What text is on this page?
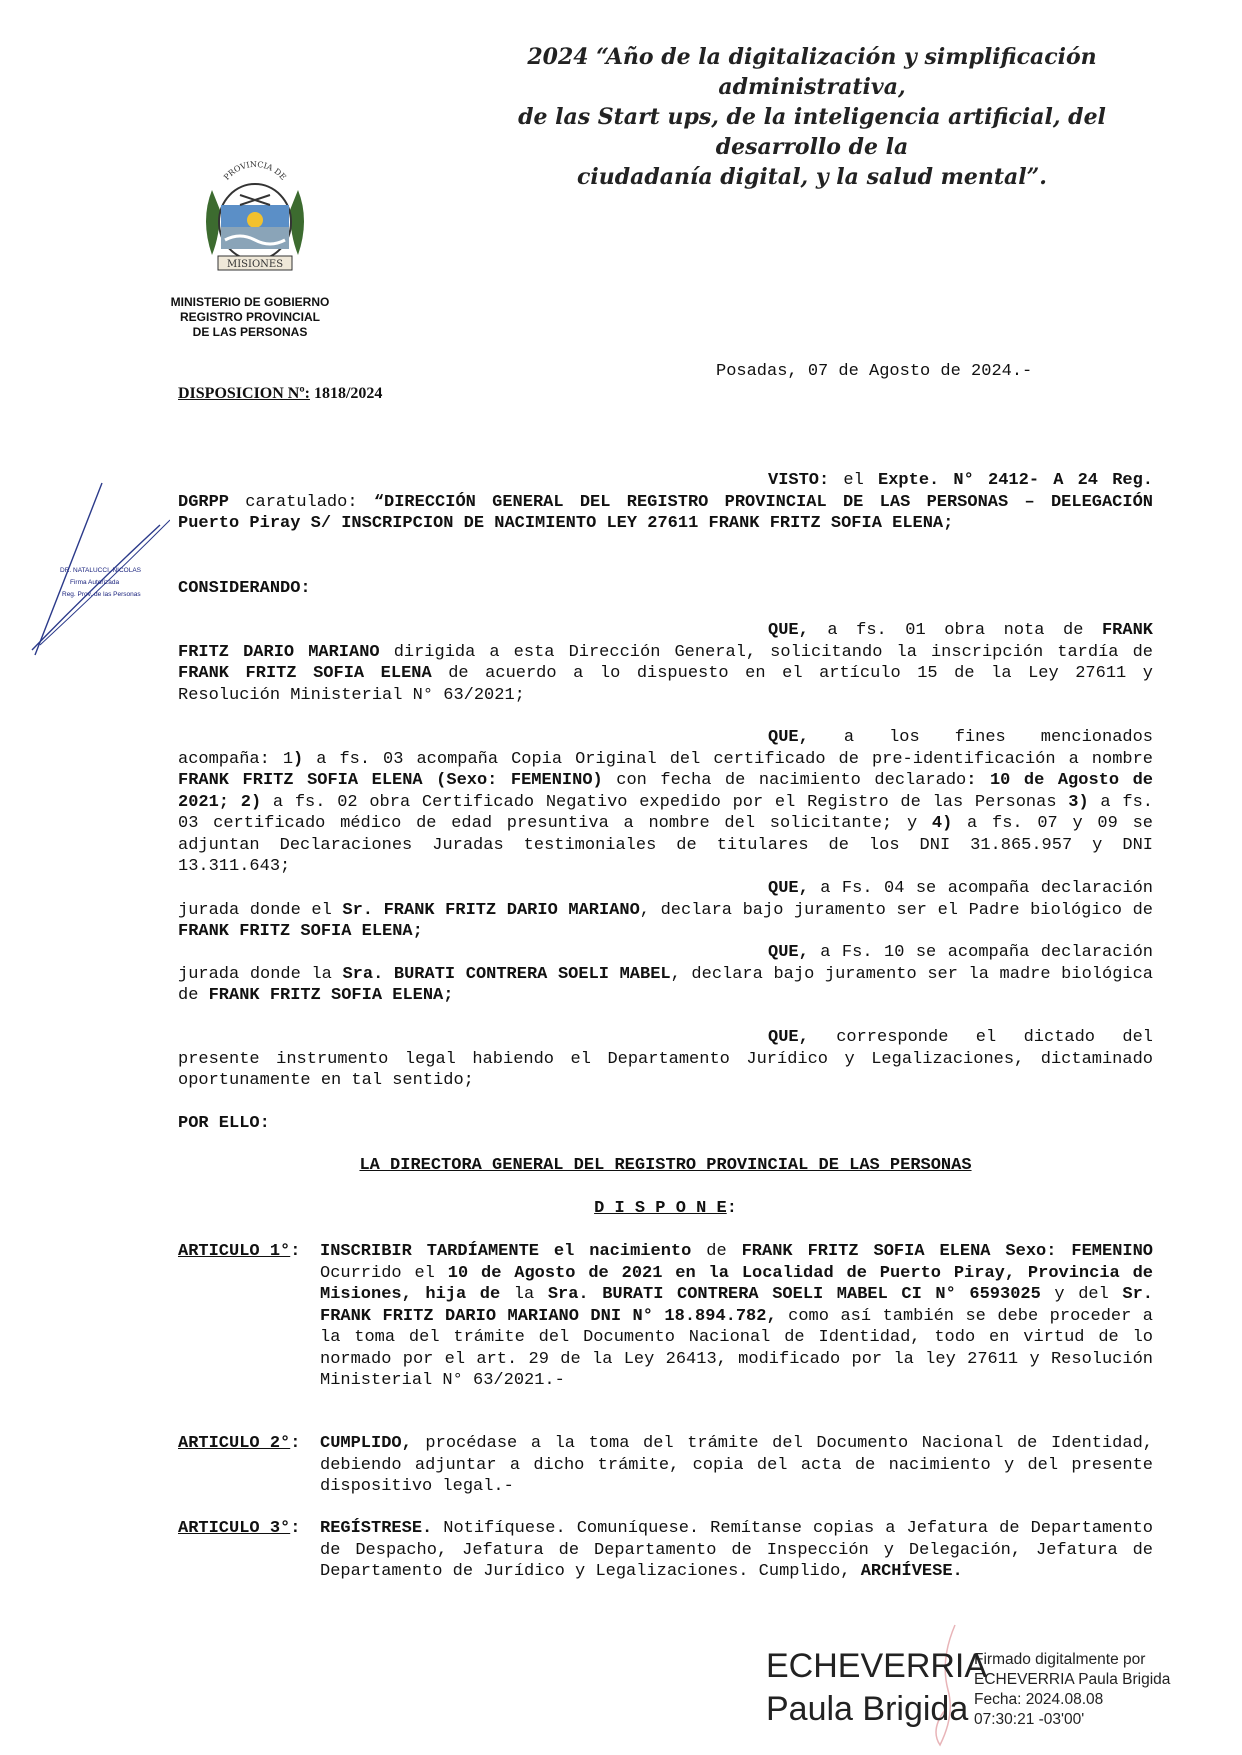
2024 “Año de la digitalización y simplificación administrativa,
de las Start ups, de la inteligencia artificial, del desarrollo de la
ciudadanía digital, y la salud mental”.
MISIONES
PROVINCIA DE
MINISTERIO DE GOBIERNO
REGISTRO PROVINCIAL
DE LAS PERSONAS
Posadas, 07 de Agosto de 2024.-
DISPOSICION Nº: 1818/2024
DR. NATALUCCI, NICOLAS
Firma Autorizada
Reg. Prov. de las Personas
VISTO: el Expte. N° 2412- A 24 Reg. DGRPP caratulado: “DIRECCIÓN GENERAL DEL REGISTRO PROVINCIAL DE LAS PERSONAS – DELEGACIÓN Puerto Piray S/ INSCRIPCION DE NACIMIENTO LEY 27611 FRANK FRITZ SOFIA ELENA;
CONSIDERANDO:
QUE, a fs. 01 obra nota de FRANK FRITZ DARIO MARIANO dirigida a esta Dirección General, solicitando la inscripción tardía de FRANK FRITZ SOFIA ELENA de acuerdo a lo dispuesto en el artículo 15 de la Ley 27611 y Resolución Ministerial N° 63/2021;
QUE, a los fines mencionados acompaña: 1) a fs. 03 acompaña Copia Original del certificado de pre-identificación a nombre FRANK FRITZ SOFIA ELENA (Sexo: FEMENINO) con fecha de nacimiento declarado: 10 de Agosto de 2021; 2) a fs. 02 obra Certificado Negativo expedido por el Registro de las Personas 3) a fs. 03 certificado médico de edad presuntiva a nombre del solicitante; y 4) a fs. 07 y 09 se adjuntan Declaraciones Juradas testimoniales de titulares de los DNI 31.865.957 y DNI 13.311.643;
QUE, a Fs. 04 se acompaña declaración jurada donde el Sr. FRANK FRITZ DARIO MARIANO, declara bajo juramento ser el Padre biológico de FRANK FRITZ SOFIA ELENA;
QUE, a Fs. 10 se acompaña declaración jurada donde la Sra. BURATI CONTRERA SOELI MABEL, declara bajo juramento ser la madre biológica de FRANK FRITZ SOFIA ELENA;
QUE, corresponde el dictado del presente instrumento legal habiendo el Departamento Jurídico y Legalizaciones, dictaminado oportunamente en tal sentido;
POR ELLO:
LA DIRECTORA GENERAL DEL REGISTRO PROVINCIAL DE LAS PERSONAS
D I S P O N E:
ARTICULO 1°:	INSCRIBIR TARDÍAMENTE el nacimiento de FRANK FRITZ SOFIA ELENA Sexo: FEMENINO Ocurrido el 10 de Agosto de 2021 en la Localidad de Puerto Piray, Provincia de Misiones, hija de la Sra. BURATI CONTRERA SOELI MABEL CI N° 6593025 y del Sr. FRANK FRITZ DARIO MARIANO DNI N° 18.894.782, como así también se debe proceder a la toma del trámite del Documento Nacional de Identidad, todo en virtud de lo normado por el art. 29 de la Ley 26413, modificado por la ley 27611 y Resolución Ministerial N° 63/2021.-
ARTICULO 2°:	CUMPLIDO, procédase a la toma del trámite del Documento Nacional de Identidad, debiendo adjuntar a dicho trámite, copia del acta de nacimiento y del presente dispositivo legal.-
ARTICULO 3°:	REGÍSTRESE. Notifíquese. Comuníquese. Remítanse copias a Jefatura de Departamento de Despacho, Jefatura de Departamento de Inspección y Delegación, Jefatura de Departamento de Jurídico y Legalizaciones. Cumplido, ARCHÍVESE.
ECHEVERRIA
Paula Brigida
Firmado digitalmente por
ECHEVERRIA Paula Brigida
Fecha: 2024.08.08
07:30:21 -03'00'
